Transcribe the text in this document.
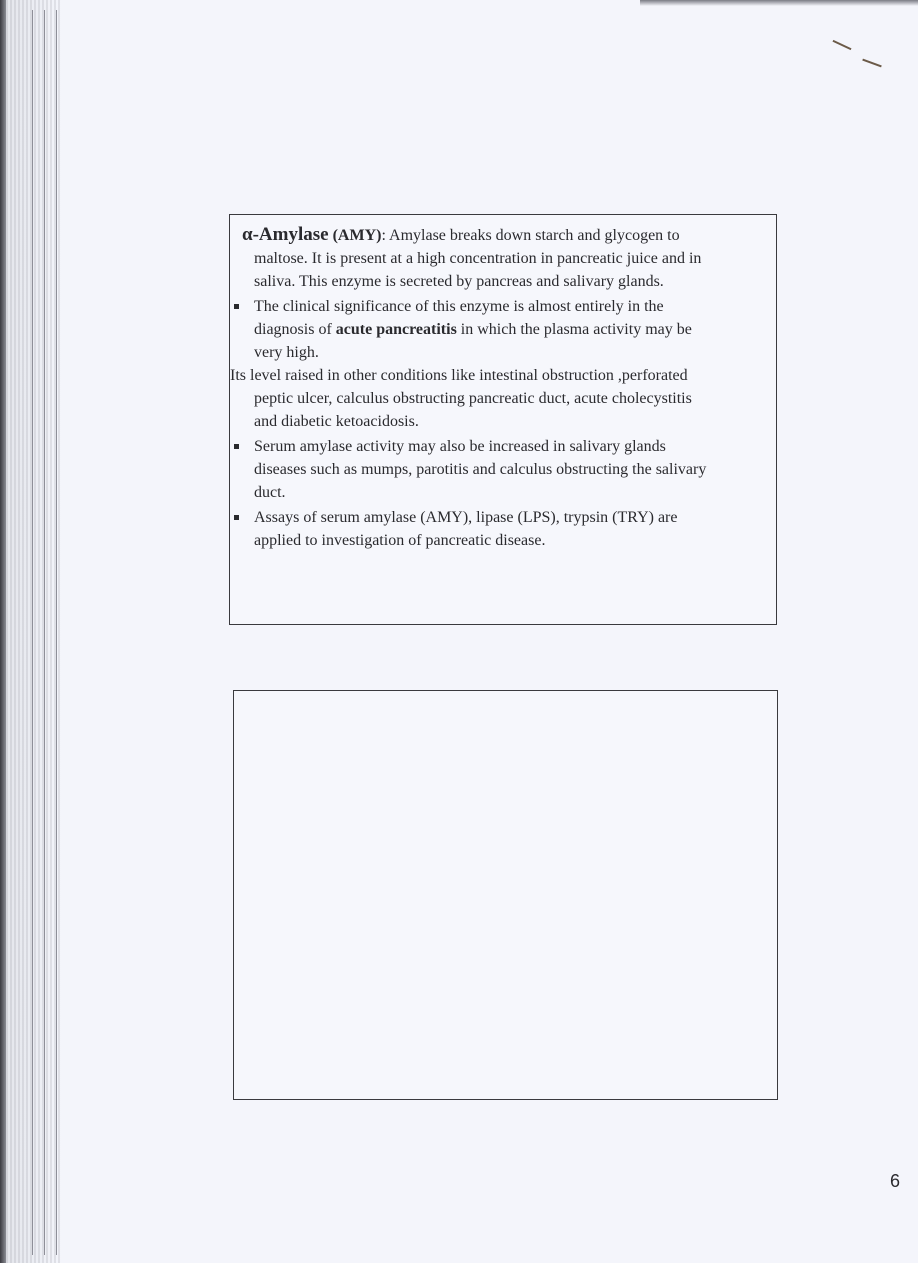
α-Amylase (AMY): Amylase breaks down starch and glycogen to
maltose. It is present at a high concentration in pancreatic juice and in
saliva. This enzyme is secreted by pancreas and salivary glands.
The clinical significance of this enzyme is almost entirely in the
diagnosis of acute pancreatitis in which the plasma activity may be
very high.
Its level raised in other conditions like intestinal obstruction ,perforated
peptic ulcer, calculus obstructing pancreatic duct, acute cholecystitis
and diabetic ketoacidosis.
Serum amylase activity may also be increased in salivary glands
diseases such as mumps, parotitis and calculus obstructing the salivary
duct.
Assays of serum amylase (AMY), lipase (LPS), trypsin (TRY) are
applied to investigation of pancreatic disease.
6
